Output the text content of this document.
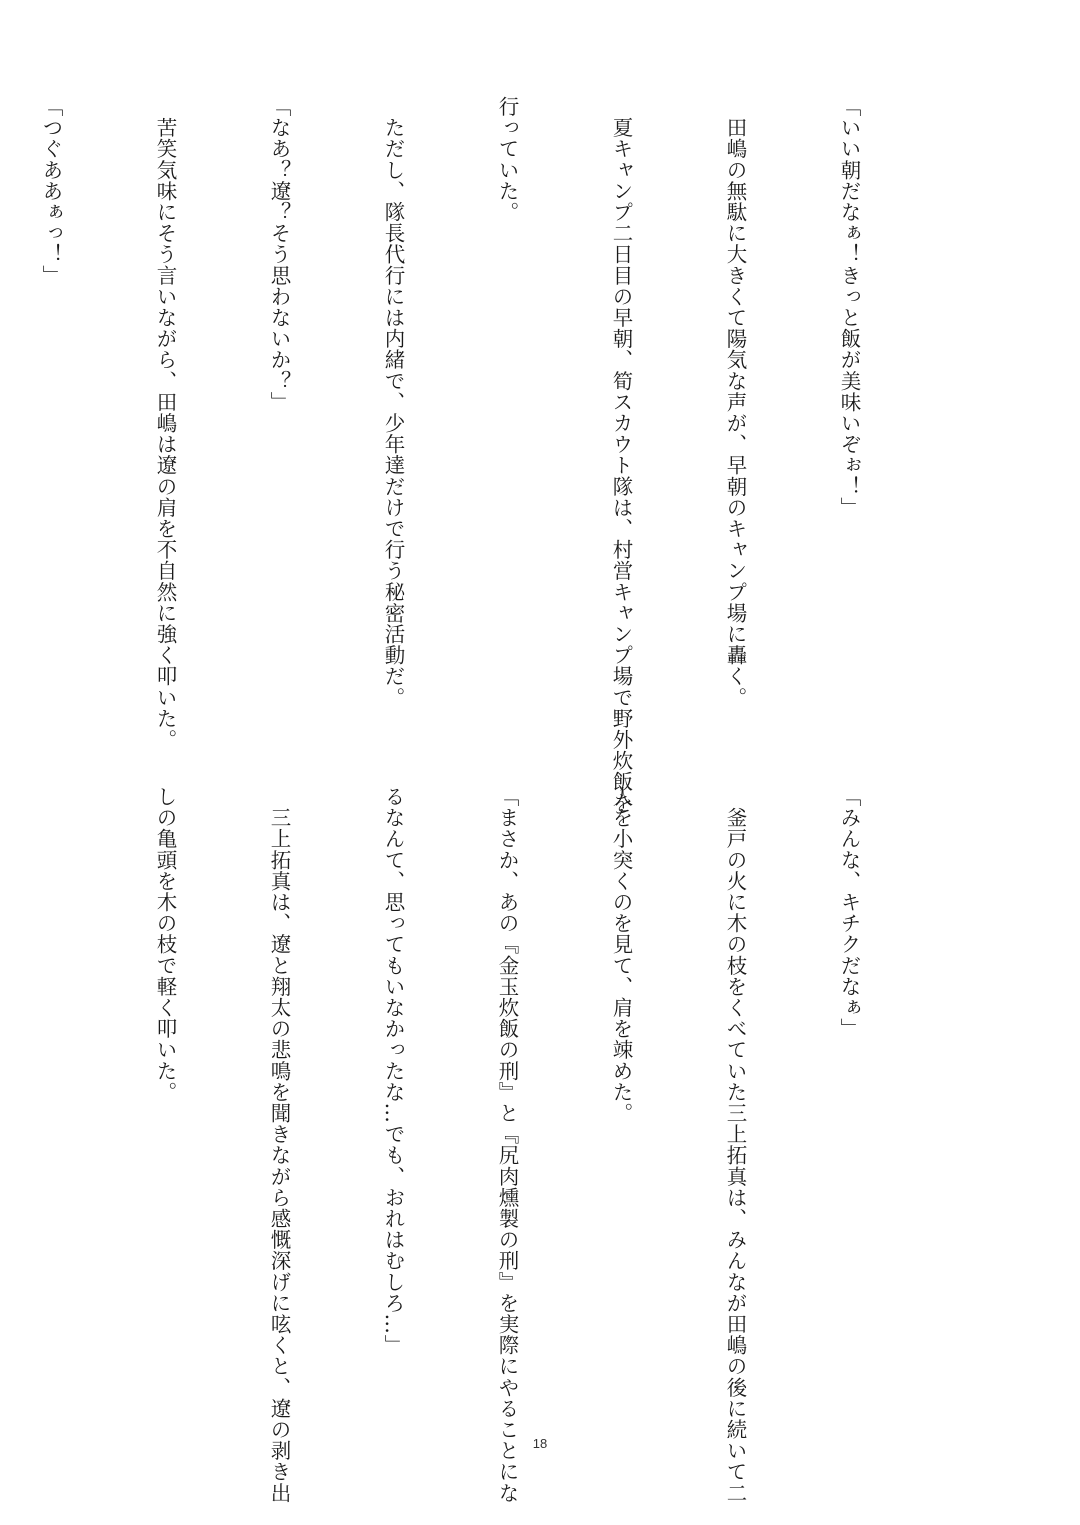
「いい朝だなぁ！きっと飯が美味いぞぉ！」

　田嶋の無駄に大きくて陽気な声が、早朝のキャンプ場に轟く。

　夏キャンプ二日目の早朝、筍スカウト隊は、村営キャンプ場で野外炊飯を

行っていた。

　ただし、隊長代行には内緒で、少年達だけで行う秘密活動だ。

「なあ？遼？そう思わないか？」

　苦笑気味にそう言いながら、田嶋は遼の肩を不自然に強く叩いた。

「つぐああぁっ！」

「みんな、キチクだなぁ」

　釜戸の火に木の枝をくべていた三上拓真は、みんなが田嶋の後に続いて二

人を小突くのを見て、肩を竦めた。

「まさか、あの『金玉炊飯の刑』と『尻肉燻製の刑』を実際にやることにな

るなんて、思ってもいなかったな…でも、おれはむしろ…」

　三上拓真は、遼と翔太の悲鳴を聞きながら感慨深げに呟くと、遼の剥き出

しの亀頭を木の枝で軽く叩いた。

18
